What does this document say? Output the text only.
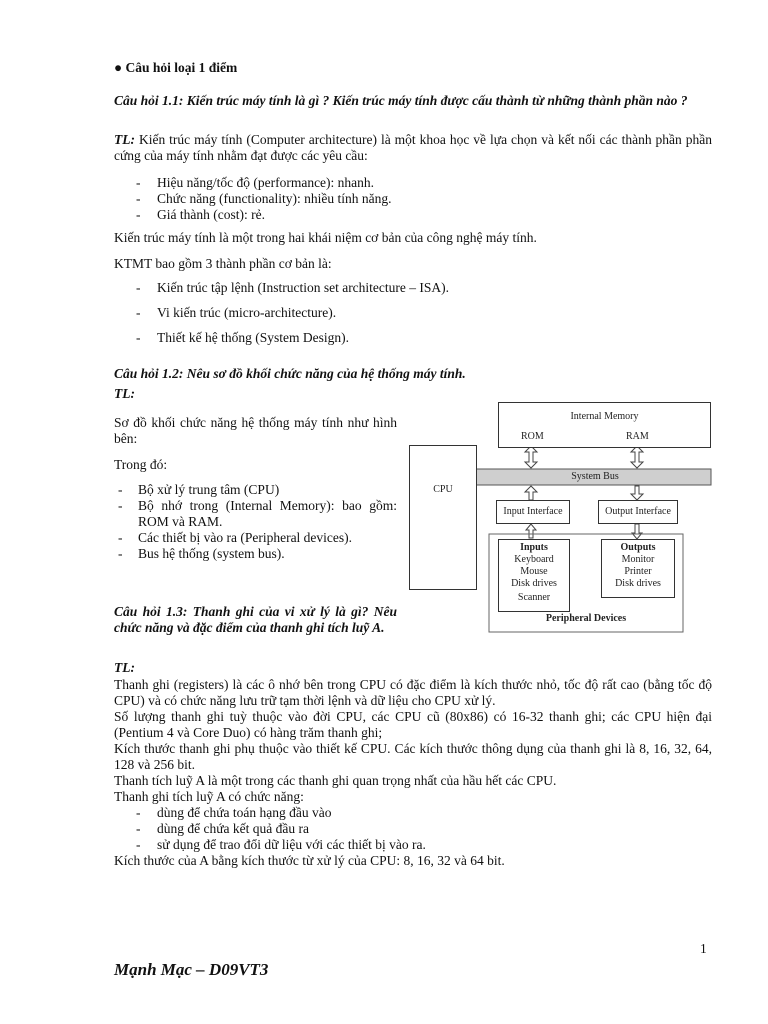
● Câu hỏi loại 1 điểm
Câu hỏi 1.1: Kiến trúc máy tính là gì ? Kiến trúc máy tính được cấu thành từ những thành phần nào ?
TL: Kiến trúc máy tính (Computer architecture) là một khoa học về lựa chọn và kết nối các thành phần phần cứng của máy tính nhằm đạt được các yêu cầu:
- Hiệu năng/tốc độ (performance): nhanh.
- Chức năng (functionality): nhiều tính năng.
- Giá thành (cost): rẻ.
Kiến trúc máy tính là một trong hai khái niệm cơ bản của công nghệ máy tính.
KTMT bao gồm 3 thành phần cơ bản là:
- Kiến trúc tập lệnh (Instruction set architecture – ISA).
- Vi kiến trúc (micro-architecture).
- Thiết kế hệ thống (System Design).
Câu hỏi 1.2: Nêu sơ đồ khối chức năng của hệ thống máy tính.
TL:
Sơ đồ khối chức năng hệ thống máy tính như hình bên:
Trong đó:
- Bộ xử lý trung tâm (CPU)
- Bộ nhớ trong (Internal Memory): bao gồm: ROM và RAM.
- Các thiết bị vào ra (Peripheral devices).
- Bus hệ thống (system bus).
Internal Memory
ROM	RAM
CPU
System Bus
Input Interface	Output Interface
Inputs
Keyboard
Mouse
Disk drives
Scanner
Outputs
Monitor
Printer
Disk drives
Peripheral Devices
Câu hỏi 1.3: Thanh ghi của vi xử lý là gì? Nêu chức năng và đặc điểm của thanh ghi tích luỹ A.
TL:
Thanh ghi (registers) là các ô nhớ bên trong CPU có đặc điểm là kích thước nhỏ, tốc độ rất cao (bằng tốc độ CPU) và có chức năng lưu trữ tạm thời lệnh và dữ liệu cho CPU xử lý.
Số lượng thanh ghi tuỳ thuộc vào đời CPU, các CPU cũ (80x86) có 16-32 thanh ghi; các CPU hiện đại (Pentium 4 và Core Duo) có hàng trăm thanh ghi;
Kích thước thanh ghi phụ thuộc vào thiết kế CPU. Các kích thước thông dụng của thanh ghi là 8, 16, 32, 64, 128 và 256 bit.
Thanh tích luỹ A là một trong các thanh ghi quan trọng nhất của hầu hết các CPU.
Thanh ghi tích luỹ A có chức năng:
- dùng để chứa toán hạng đầu vào
- dùng để chứa kết quả đầu ra
- sử dụng để trao đổi dữ liệu với các thiết bị vào ra.
Kích thước của A bằng kích thước từ xử lý của CPU: 8, 16, 32 và 64 bit.
1
Mạnh Mạc – D09VT3
